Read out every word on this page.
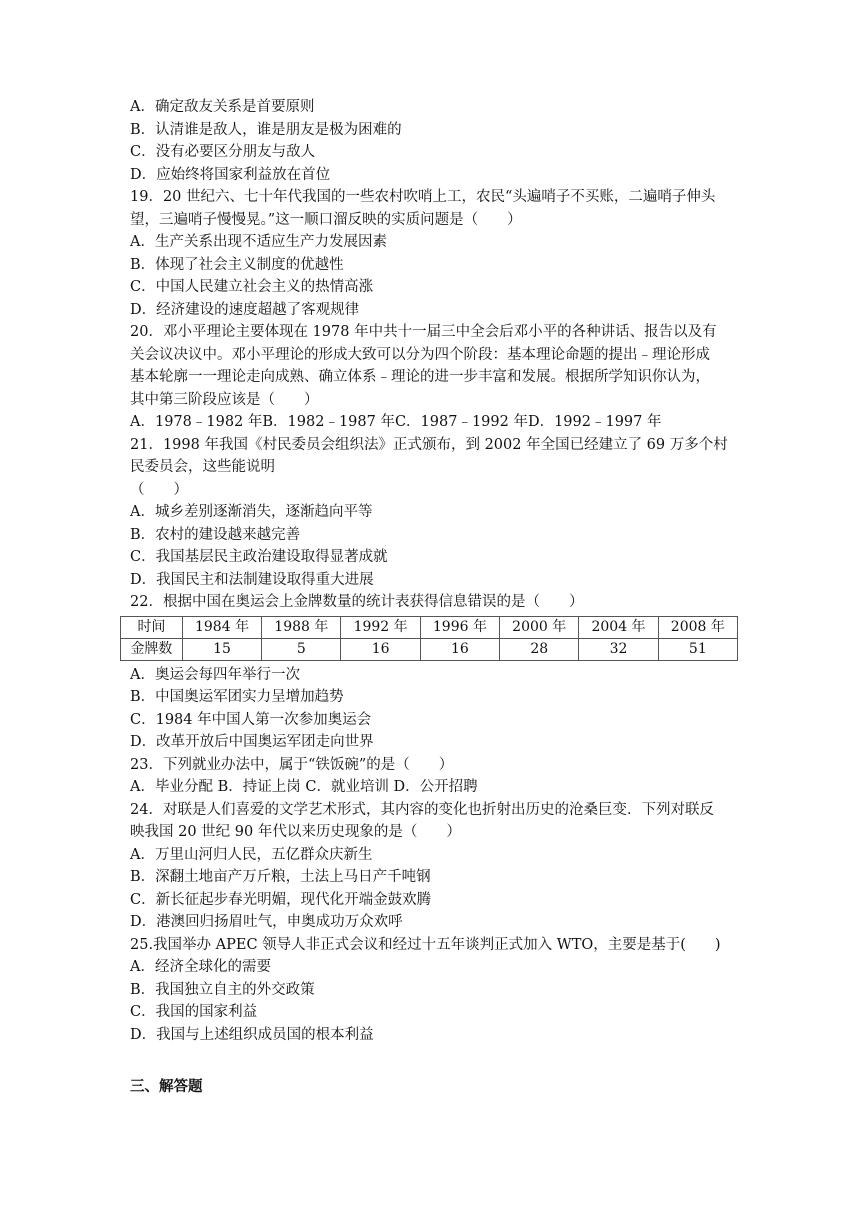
A．确定敌友关系是首要原则
B．认清谁是敌人，谁是朋友是极为困难的
C．没有必要区分朋友与敌人
D．应始终将国家利益放在首位
19．20 世纪六、七十年代我国的一些农村吹哨上工，农民“头遍哨子不买账，二遍哨子伸头
望，三遍哨子慢慢晃。”这一顺口溜反映的实质问题是（　　）
A．生产关系出现不适应生产力发展因素
B．体现了社会主义制度的优越性
C．中国人民建立社会主义的热情高涨
D．经济建设的速度超越了客观规律
20．邓小平理论主要体现在 1978 年中共十一届三中全会后邓小平的各种讲话、报告以及有
关会议决议中。邓小平理论的形成大致可以分为四个阶段：基本理论命题的提出﹣理论形成
基本轮廓一一理论走向成熟、确立体系﹣理论的进一步丰富和发展。根据所学知识你认为，
其中第三阶段应该是（　　）
A．1978﹣1982 年B．1982﹣1987 年C．1987﹣1992 年D．1992﹣1997 年
21．1998 年我国《村民委员会组织法》正式颁布，到 2002 年全国已经建立了 69 万多个村
民委员会，这些能说明
（　　）
A．城乡差别逐渐消失，逐渐趋向平等
B．农村的建设越来越完善
C．我国基层民主政治建设取得显著成就
D．我国民主和法制建设取得重大进展
22．根据中国在奥运会上金牌数量的统计表获得信息错误的是（　　）
时间	1984 年	1988 年	1992 年	1996 年	2000 年	2004 年	2008 年
金牌数	15	5	16	16	28	32	51
A．奥运会每四年举行一次
B．中国奥运军团实力呈增加趋势
C．1984 年中国人第一次参加奥运会
D．改革开放后中国奥运军团走向世界
23．下列就业办法中，属于“铁饭碗”的是（　　）
A．毕业分配 B．持证上岗 C．就业培训 D．公开招聘
24．对联是人们喜爱的文学艺术形式，其内容的变化也折射出历史的沧桑巨变．下列对联反
映我国 20 世纪 90 年代以来历史现象的是（　　）
A．万里山河归人民，五亿群众庆新生
B．深翻土地亩产万斤粮，土法上马日产千吨钢
C．新长征起步春光明媚，现代化开端金鼓欢腾
D．港澳回归扬眉吐气，申奥成功万众欢呼
25.我国举办 APEC 领导人非正式会议和经过十五年谈判正式加入 WTO，主要是基于(　　)
A．经济全球化的需要
B．我国独立自主的外交政策
C．我国的国家利益
D．我国与上述组织成员国的根本利益
三、解答题
